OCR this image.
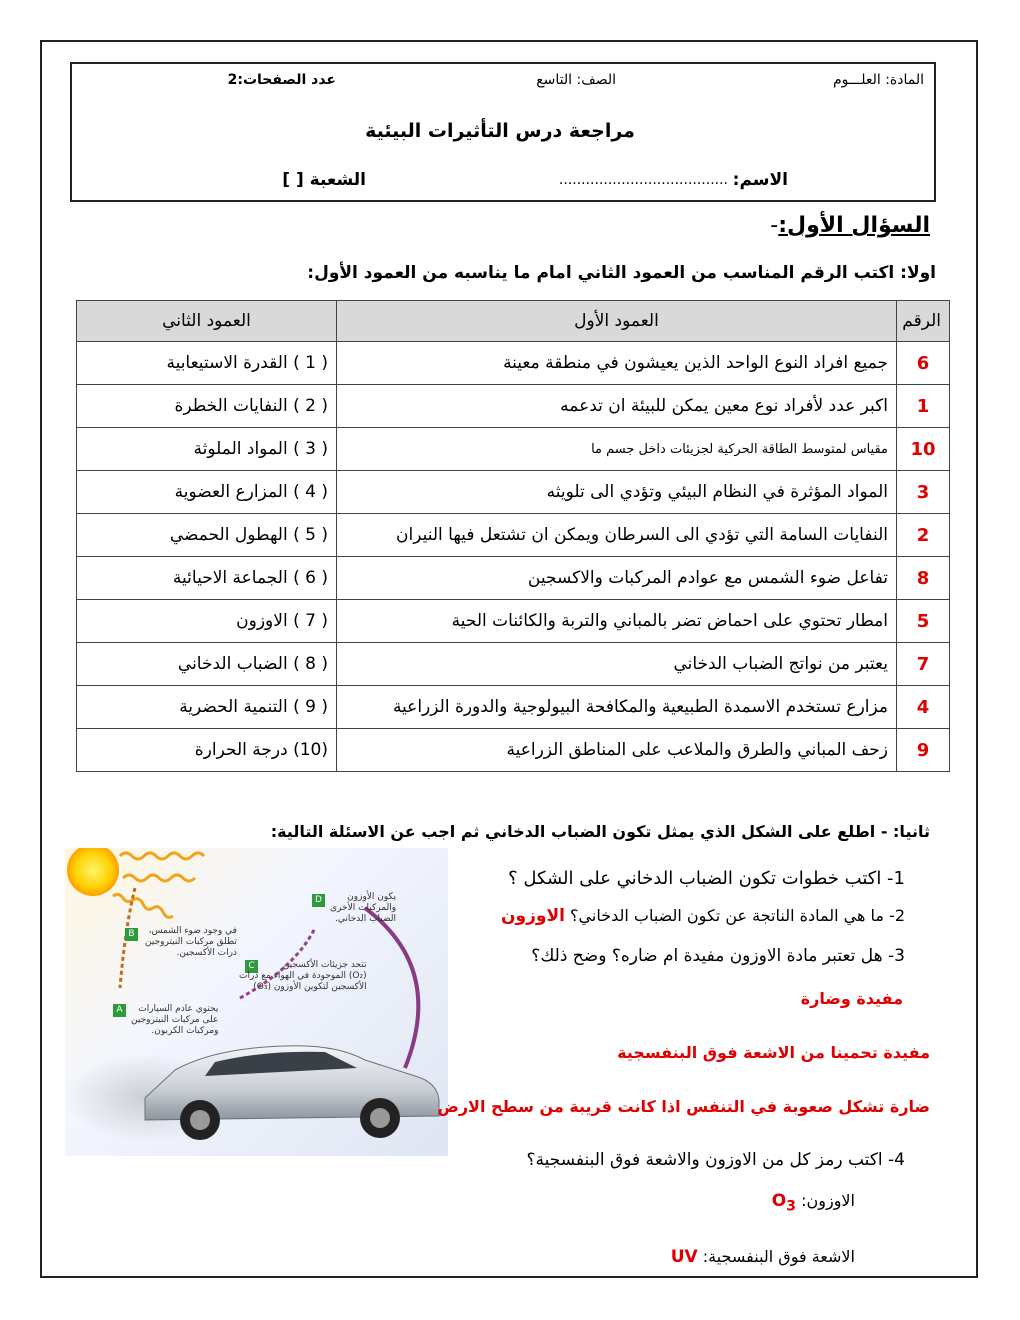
المادة: العلـــوم
الصف: التاسع
عدد الصفحات:2
مراجعة درس التأثيرات البيئية
الاسم:
......................................
الشعبة [ ]
السؤال الأول:-
اولا: اكتب الرقم المناسب من العمود الثاني امام ما يناسبه من العمود الأول:
الرقم	العمود الأول	العمود الثاني
6	جميع افراد النوع الواحد الذين يعيشون في منطقة معينة	( 1 ) القدرة الاستيعابية
1	اكبر عدد لأفراد نوع معين يمكن للبيئة ان تدعمه	( 2 ) النفايات الخطرة
10	مقياس لمتوسط الطاقة الحركية لجزيئات داخل جسم ما	( 3 ) المواد الملوثة
3	المواد المؤثرة في النظام البيئي وتؤدي الى تلويثه	( 4 ) المزارع العضوية
2	النفايات السامة التي تؤدي الى السرطان ويمكن ان تشتعل فيها النيران	( 5 ) الهطول الحمضي
8	تفاعل ضوء الشمس مع عوادم المركبات والاكسجين	( 6 ) الجماعة الاحيائية
5	امطار تحتوي على احماض تضر بالمباني والتربة والكائنات الحية	( 7 ) الاوزون
7	يعتبر من نواتج الضباب الدخاني	( 8 ) الضباب الدخاني
4	مزارع تستخدم الاسمدة الطبيعية والمكافحة البيولوجية والدورة الزراعية	( 9 ) التنمية الحضرية
9	زحف المباني والطرق والملاعب على المناطق الزراعية	(10) درجة الحرارة
ثانيا: - اطلع على الشكل الذي يمثل تكون الضباب الدخاني ثم اجب عن الاسئلة التالية:
B	في وجود ضوء الشمس،
تطلق مركبات النيتروجين
ذرات الأكسجين.
C	تتحد جزيئات الأكسجين
(O₂) الموجودة في الهواء مع ذرات
الأكسجين لتكوين الأوزون (O₃)
D	يكون الأوزون
والمركبات الأخرى
الضباب الدخاني.
A	يحتوي عادم السيارات
على مركبات النيتروجين
ومركبات الكربون.
1- اكتب خطوات تكون الضباب الدخاني على الشكل ؟
2- ما هي المادة الناتجة عن تكون الضباب الدخاني؟ الاوزون
3- هل تعتبر مادة الاوزون مفيدة ام ضاره؟ وضح ذلك؟
مفيدة وضارة
مفيدة تحمينا من الاشعة فوق البنفسجية
ضارة تشكل صعوبة في التنفس اذا كانت قريبة من سطح الارض
4- اكتب رمز كل من الاوزون والاشعة فوق البنفسجية؟
الاوزون: $O_3$
الاشعة فوق البنفسجية: UV
